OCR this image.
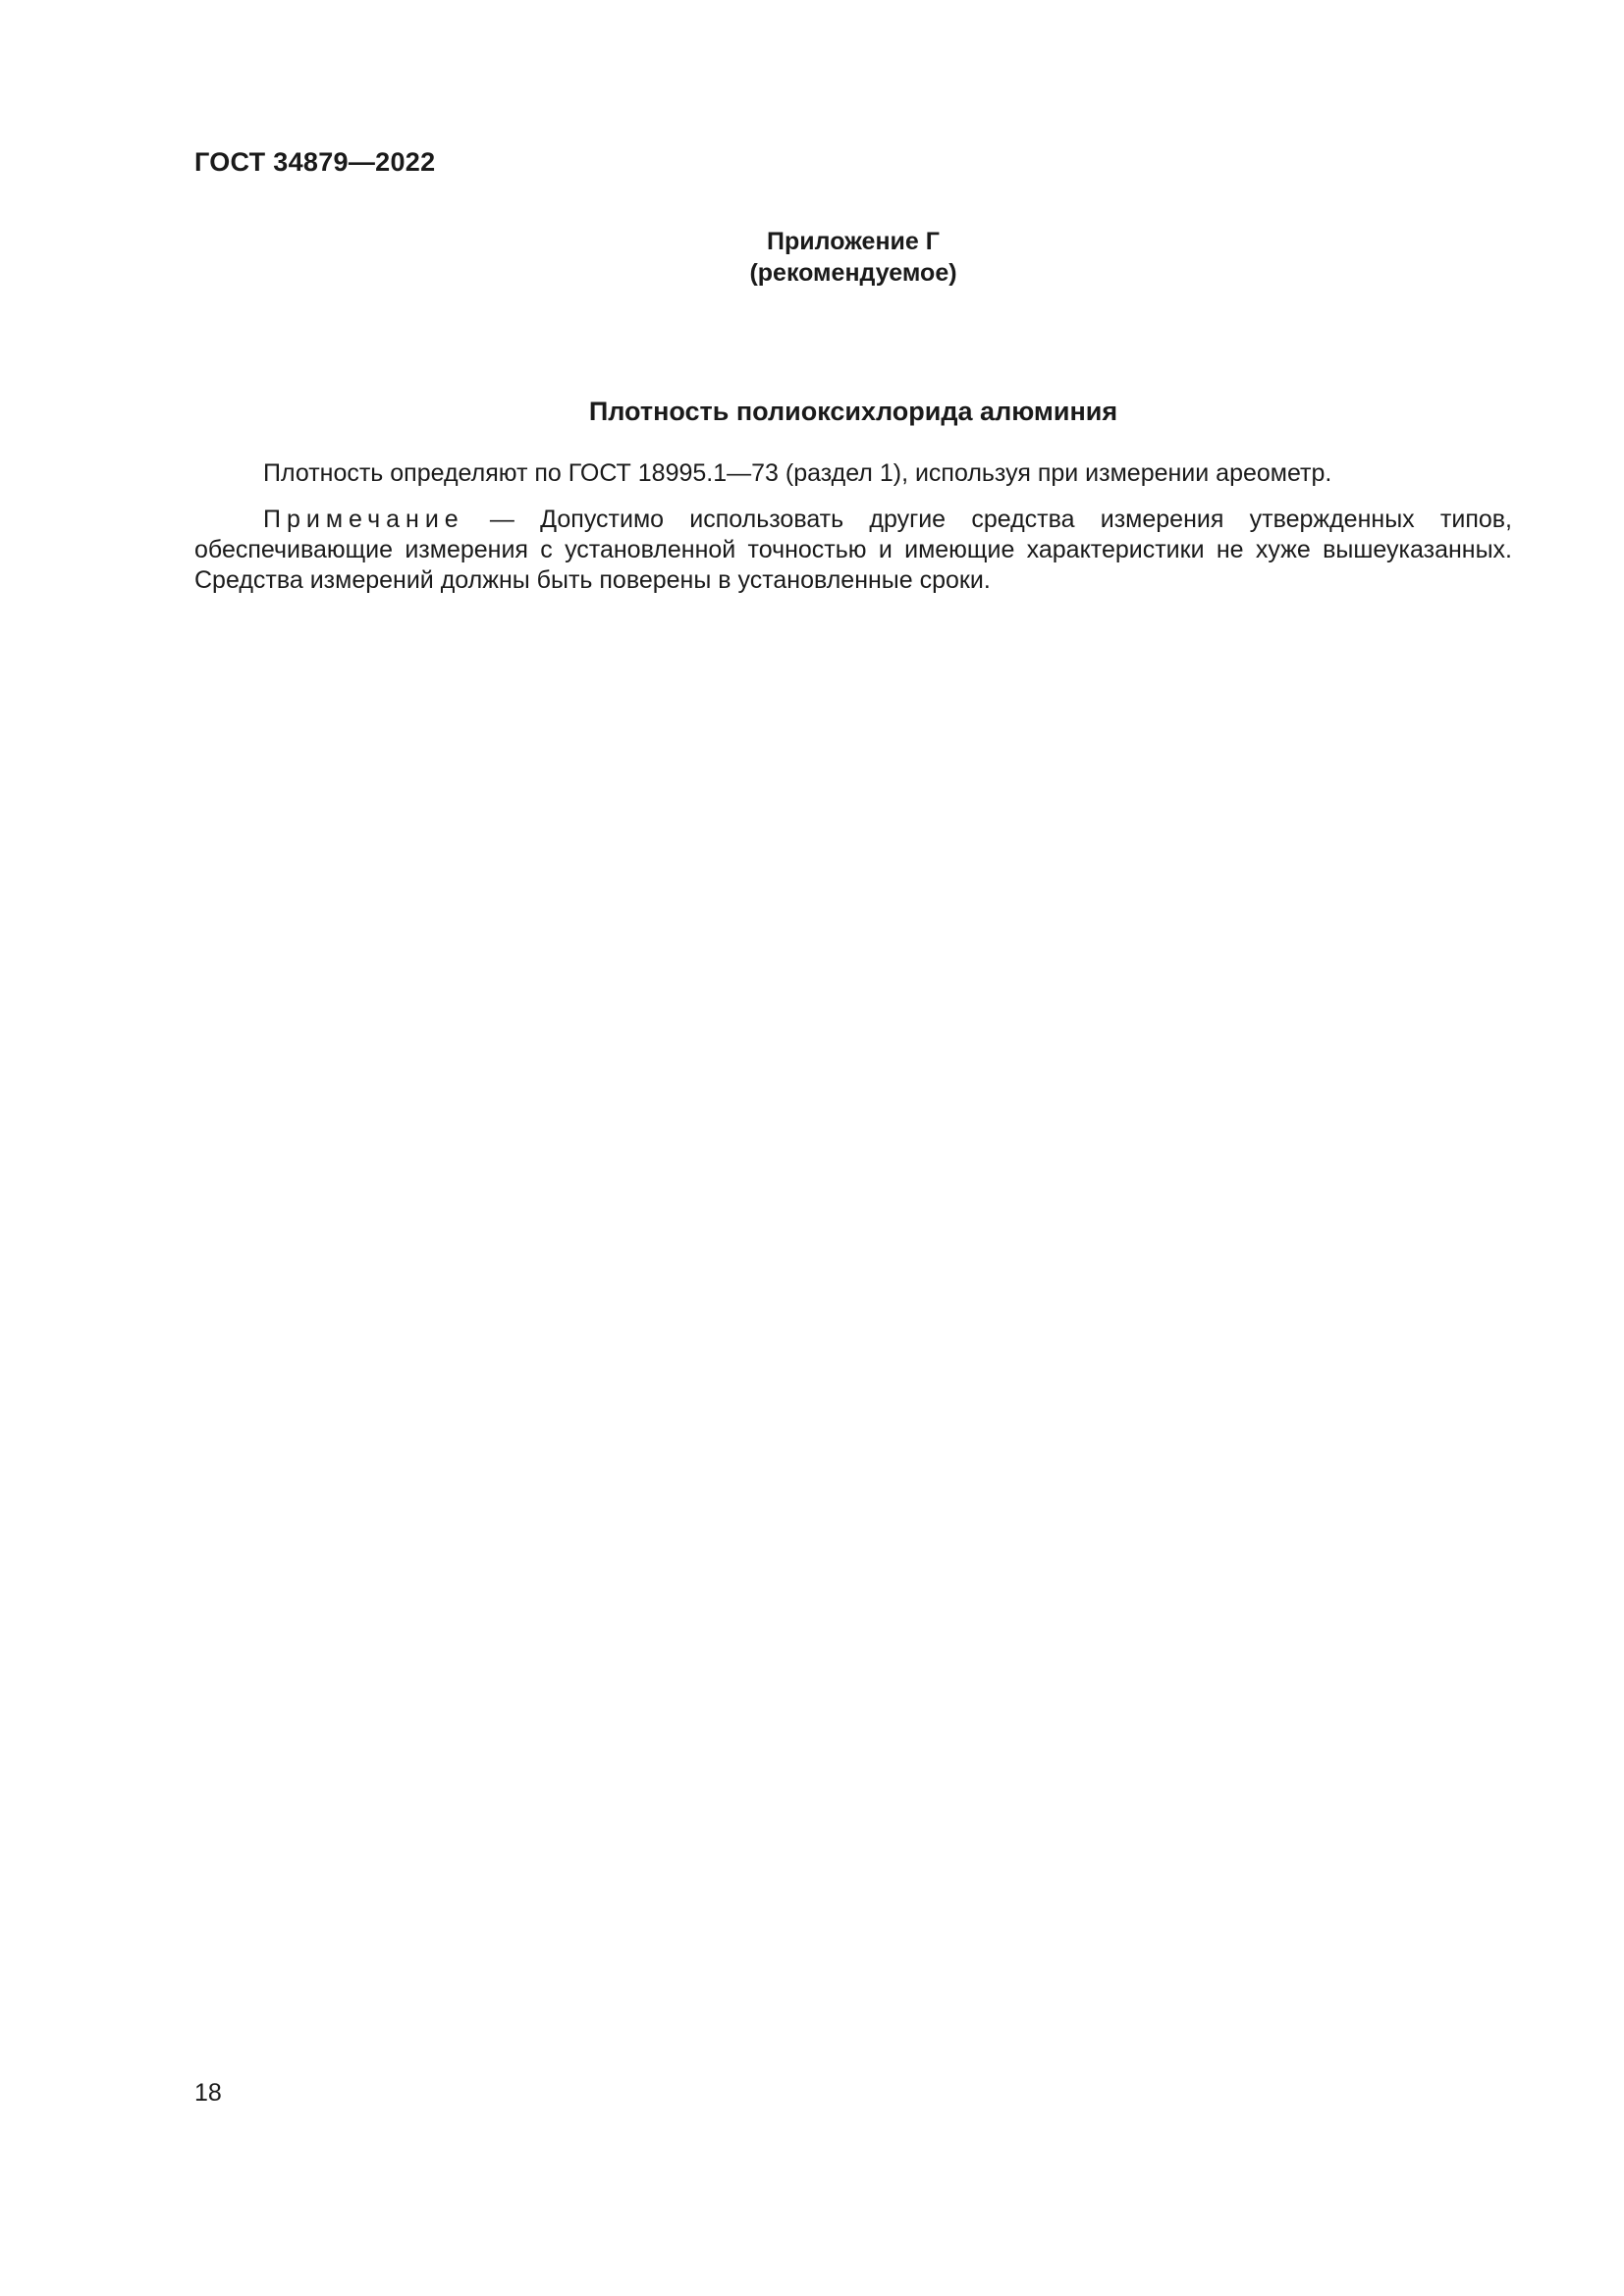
ГОСТ 34879—2022
Приложение Г
(рекомендуемое)
Плотность полиоксихлорида алюминия

Плотность определяют по ГОСТ 18995.1—73 (раздел 1), используя при измерении ареометр.

Примечание — Допустимо использовать другие средства измерения утвержденных типов, обеспечивающие измерения с установленной точностью и имеющие характеристики не хуже вышеуказанных. Средства измерений должны быть поверены в установленные сроки.

18
